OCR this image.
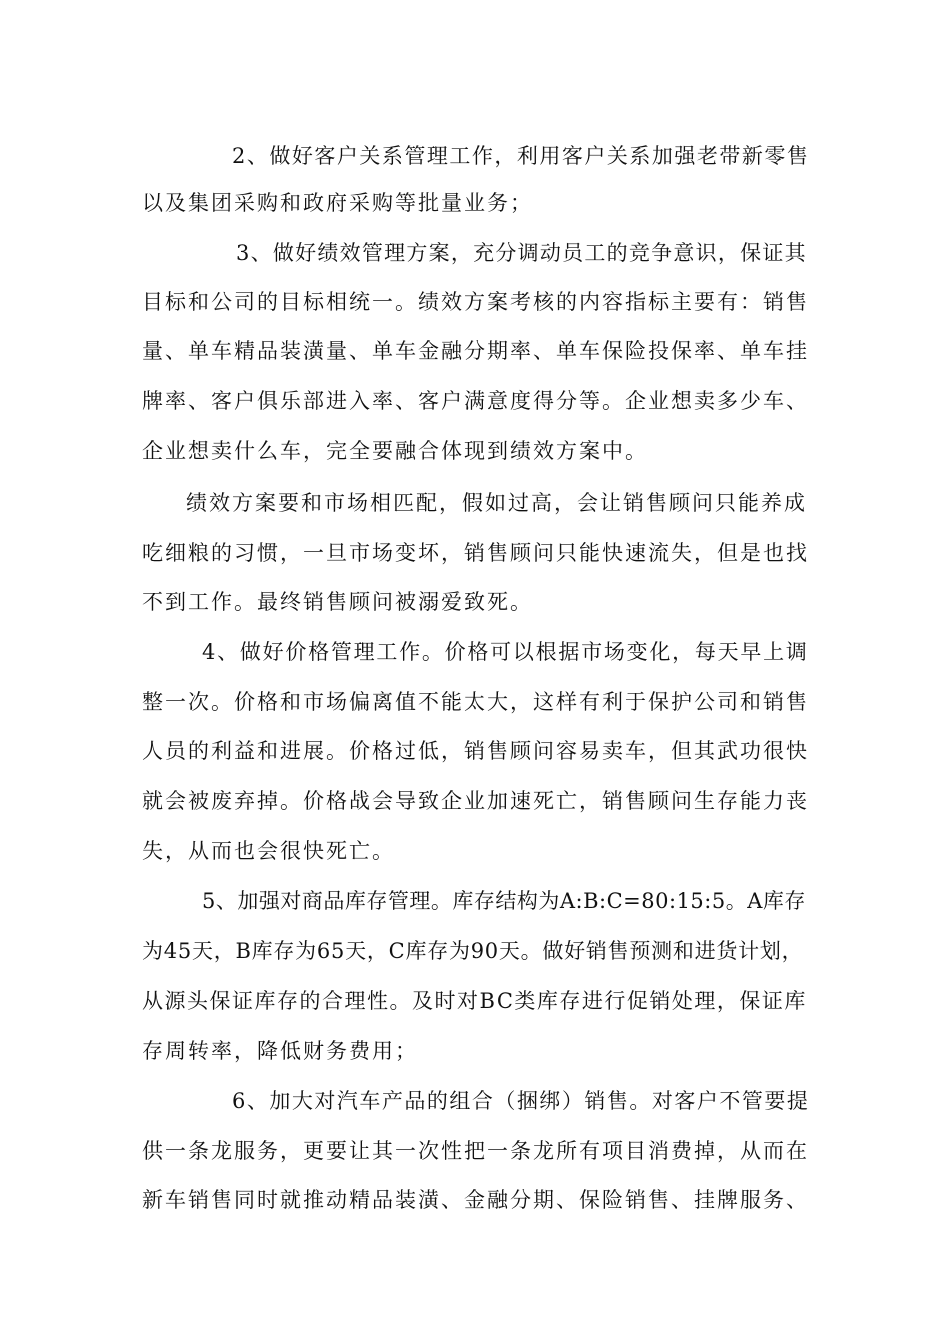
2、做好客户关系管理工作，利用客户关系加强老带新零售
以及集团采购和政府采购等批量业务；
3、做好绩效管理方案，充分调动员工的竞争意识，保证其
目标和公司的目标相统一。绩效方案考核的内容指标主要有：销售
量、单车精品装潢量、单车金融分期率、单车保险投保率、单车挂
牌率、客户俱乐部进入率、客户满意度得分等。企业想卖多少车、
企业想卖什么车，完全要融合体现到绩效方案中。
绩效方案要和市场相匹配，假如过高，会让销售顾问只能养成
吃细粮的习惯，一旦市场变坏，销售顾问只能快速流失，但是也找
不到工作。最终销售顾问被溺爱致死。
4、做好价格管理工作。价格可以根据市场变化，每天早上调
整一次。价格和市场偏离值不能太大，这样有利于保护公司和销售
人员的利益和进展。价格过低，销售顾问容易卖车，但其武功很快
就会被废弃掉。价格战会导致企业加速死亡，销售顾问生存能力丧
失，从而也会很快死亡。
5、加强对商品库存管理。库存结构为A:B:C=80:15:5。A库存
为45天，B库存为65天，C库存为90天。做好销售预测和进货计划，
从源头保证库存的合理性。及时对BC类库存进行促销处理，保证库
存周转率，降低财务费用；
6、加大对汽车产品的组合（捆绑）销售。对客户不管要提
供一条龙服务，更要让其一次性把一条龙所有项目消费掉，从而在
新车销售同时就推动精品装潢、金融分期、保险销售、挂牌服务、
